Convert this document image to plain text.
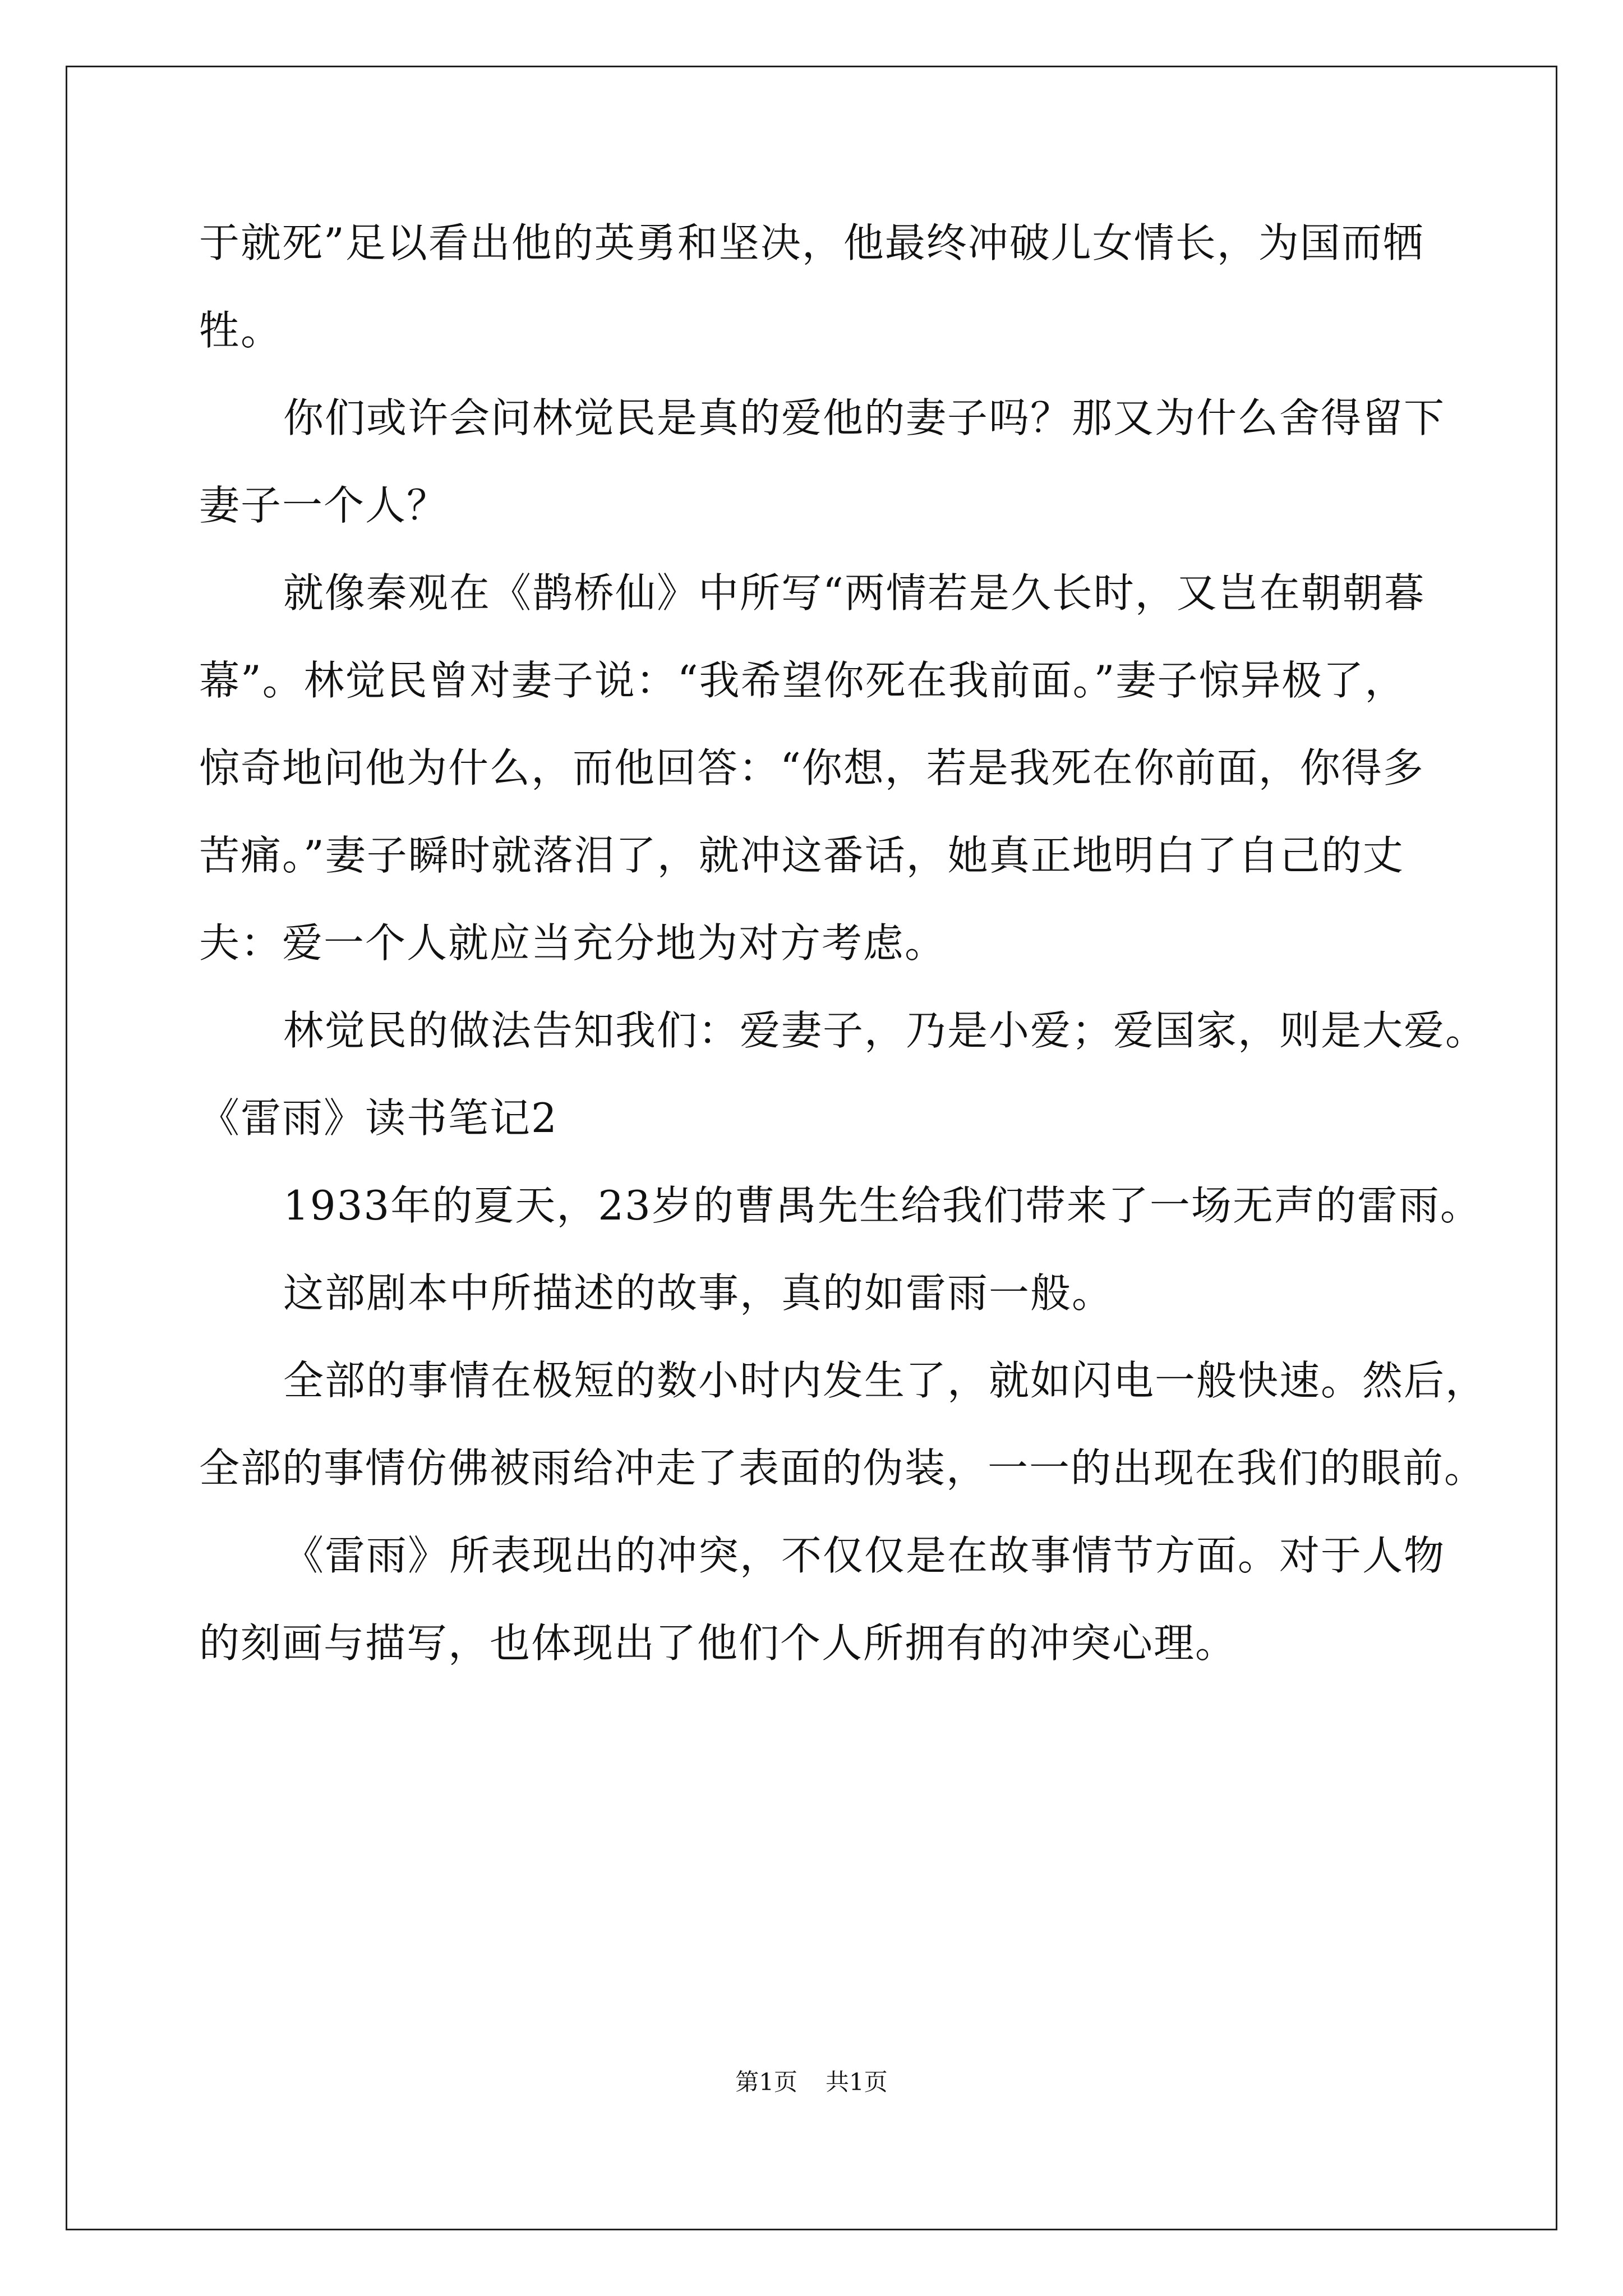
于就死”足以看出他的英勇和坚决，他最终冲破儿女情长，为国而牺
牲。
你们或许会问林觉民是真的爱他的妻子吗？那又为什么舍得留下
妻子一个人？
就像秦观在《鹊桥仙》中所写“两情若是久长时，又岂在朝朝暮
幕”。林觉民曾对妻子说：“我希望你死在我前面。”妻子惊异极了，
惊奇地问他为什么，而他回答：“你想，若是我死在你前面，你得多
苦痛。”妻子瞬时就落泪了，就冲这番话，她真正地明白了自己的丈
夫：爱一个人就应当充分地为对方考虑。
林觉民的做法告知我们：爱妻子，乃是小爱；爱国家，则是大爱。
《雷雨》读书笔记2
1933年的夏天，23岁的曹禺先生给我们带来了一场无声的雷雨。
这部剧本中所描述的故事，真的如雷雨一般。
全部的事情在极短的数小时内发生了，就如闪电一般快速。然后，
全部的事情仿佛被雨给冲走了表面的伪装，一一的出现在我们的眼前。
《雷雨》所表现出的冲突，不仅仅是在故事情节方面。对于人物
的刻画与描写，也体现出了他们个人所拥有的冲突心理。
第1页 共1页
